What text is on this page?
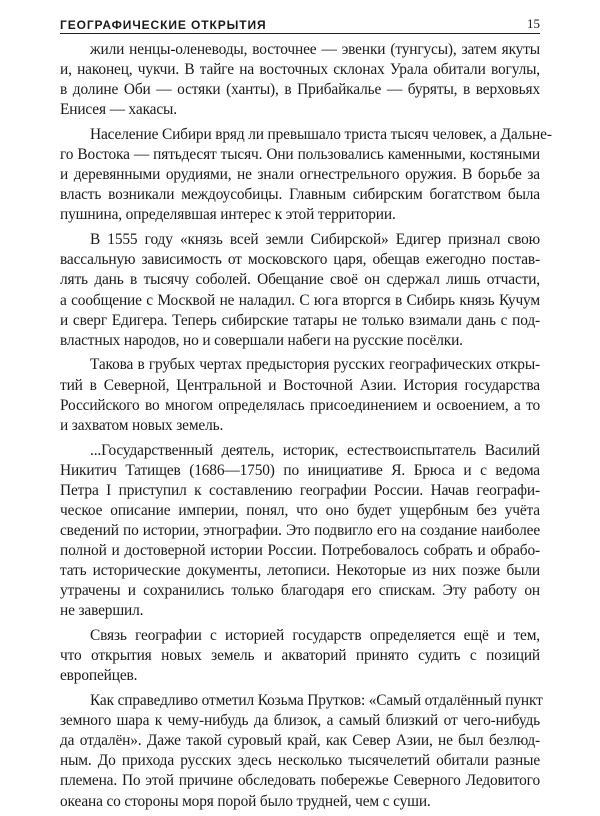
ГЕОГРАФИЧЕСКИЕ ОТКРЫТИЯ	15

жили ненцы-оленеводы, восточнее — эвенки (тунгусы), затем якуты
и, наконец, чукчи. В тайге на восточных склонах Урала обитали вогулы,
в долине Оби — остяки (ханты), в Прибайкалье — буряты, в верховьях
Енисея — хакасы.

Население Сибири вряд ли превышало триста тысяч человек, а Дальне-
го Востока — пятьдесят тысяч. Они пользовались каменными, костяными
и деревянными орудиями, не знали огнестрельного оружия. В борьбе за
власть возникали междоусобицы. Главным сибирским богатством была
пушнина, определявшая интерес к этой территории.

В 1555 году «князь всей земли Сибирской» Едигер признал свою
вассальную зависимость от московского царя, обещав ежегодно постав-
лять дань в тысячу соболей. Обещание своё он сдержал лишь отчасти,
а сообщение с Москвой не наладил. С юга вторгся в Сибирь князь Кучум
и сверг Едигера. Теперь сибирские татары не только взимали дань с под-
властных народов, но и совершали набеги на русские посёлки.

Такова в грубых чертах предыстория русских географических откры-
тий в Северной, Центральной и Восточной Азии. История государства
Российского во многом определялась присоединением и освоением, а то
и захватом новых земель.

...Государственный деятель, историк, естествоиспытатель Василий
Никитич Татищев (1686—1750) по инициативе Я. Брюса и с ведома
Петра I приступил к составлению географии России. Начав географи-
ческое описание империи, понял, что оно будет ущербным без учёта
сведений по истории, этнографии. Это подвигло его на создание наиболее
полной и достоверной истории России. Потребовалось собрать и обрабо-
тать исторические документы, летописи. Некоторые из них позже были
утрачены и сохранились только благодаря его спискам. Эту работу он
не завершил.

Связь географии с историей государств определяется ещё и тем,
что открытия новых земель и акваторий принято судить с позиций
европейцев.

Как справедливо отметил Козьма Прутков: «Самый отдалённый пункт
земного шара к чему-нибудь да близок, а самый близкий от чего-нибудь
да отдалён». Даже такой суровый край, как Север Азии, не был безлюд-
ным. До прихода русских здесь несколько тысячелетий обитали разные
племена. По этой причине обследовать побережье Северного Ледовитого
океана со стороны моря порой было трудней, чем с суши.
